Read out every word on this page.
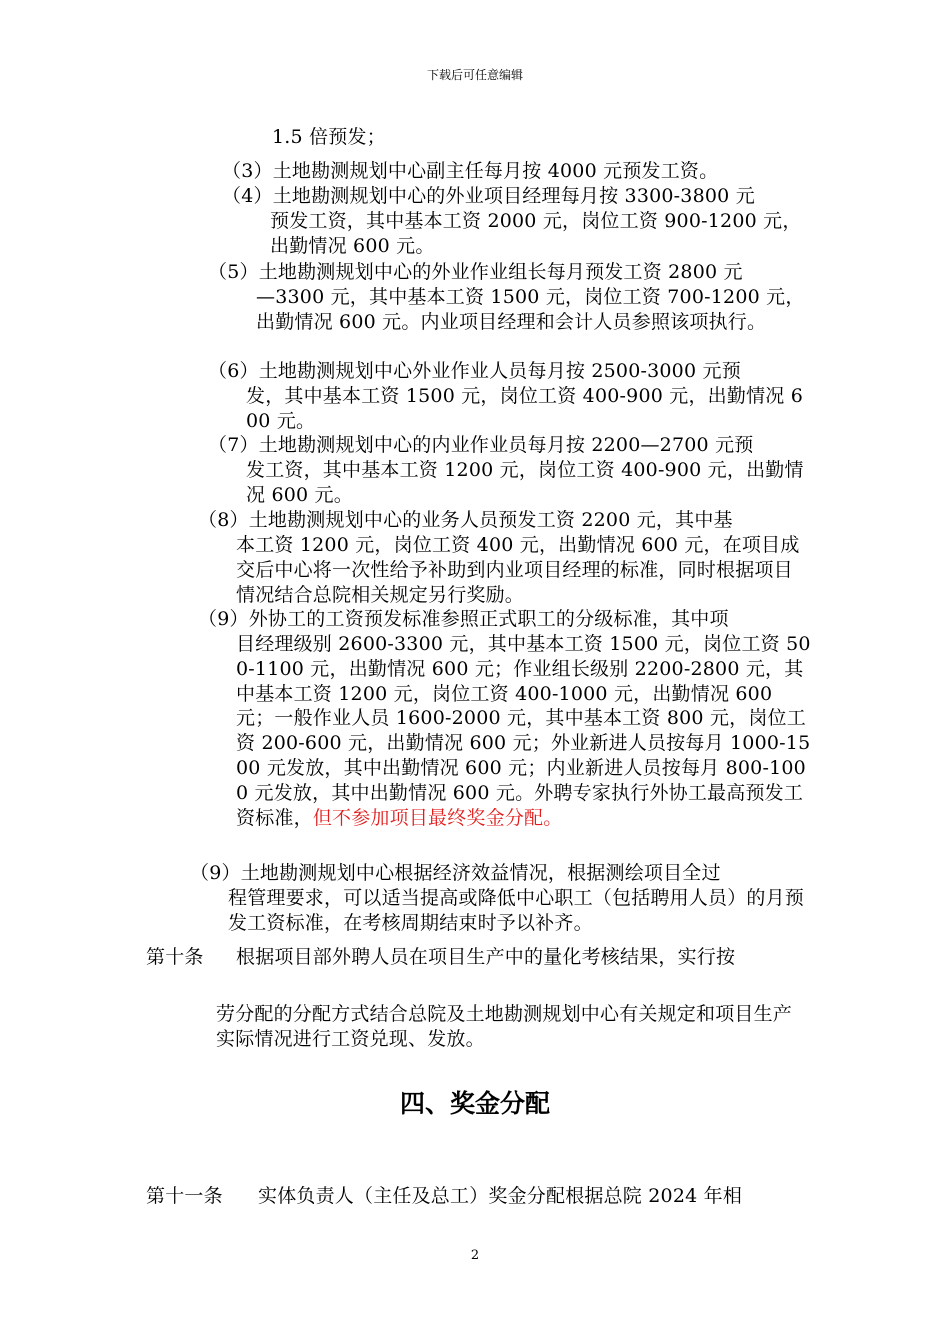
下载后可任意编辑
1.5 倍预发；
（3）土地勘测规划中心副主任每月按 4000 元预发工资。
（4）土地勘测规划中心的外业项目经理每月按 3300-3800 元
预发工资，其中基本工资 2000 元，岗位工资 900-1200 元，出勤情况 600 元。
（5）土地勘测规划中心的外业作业组长每月预发工资 2800 元
—3300 元，其中基本工资 1500 元，岗位工资 700-1200 元，出勤情况 600 元。内业项目经理和会计人员参照该项执行。
（6）土地勘测规划中心外业作业人员每月按 2500-3000 元预
发，其中基本工资 1500 元，岗位工资 400-900 元，出勤情况 600 元。
（7）土地勘测规划中心的内业作业员每月按 2200—2700 元预
发工资，其中基本工资 1200 元，岗位工资 400-900 元，出勤情况 600 元。
（8）土地勘测规划中心的业务人员预发工资 2200 元，其中基
本工资 1200 元，岗位工资 400 元，出勤情况 600 元，在项目成交后中心将一次性给予补助到内业项目经理的标准，同时根据项目情况结合总院相关规定另行奖励。
（9）外协工的工资预发标准参照正式职工的分级标准，其中项
目经理级别 2600-3300 元，其中基本工资 1500 元，岗位工资 500-1100 元，出勤情况 600 元；作业组长级别 2200-2800 元，其中基本工资 1200 元，岗位工资 400-1000 元，出勤情况 600 元；一般作业人员 1600-2000 元，其中基本工资 800 元，岗位工资 200-600 元，出勤情况 600 元；外业新进人员按每月 1000-1500 元发放，其中出勤情况 600 元；内业新进人员按每月 800-1000 元发放，其中出勤情况 600 元。外聘专家执行外协工最高预发工资标准，但不参加项目最终奖金分配。
（9）土地勘测规划中心根据经济效益情况，根据测绘项目全过
程管理要求，可以适当提高或降低中心职工（包括聘用人员）的月预发工资标准，在考核周期结束时予以补齐。
第十条	根据项目部外聘人员在项目生产中的量化考核结果，实行按
劳分配的分配方式结合总院及土地勘测规划中心有关规定和项目生产实际情况进行工资兑现、发放。
四、奖金分配
第十一条	实体负责人（主任及总工）奖金分配根据总院 2024 年相
2
